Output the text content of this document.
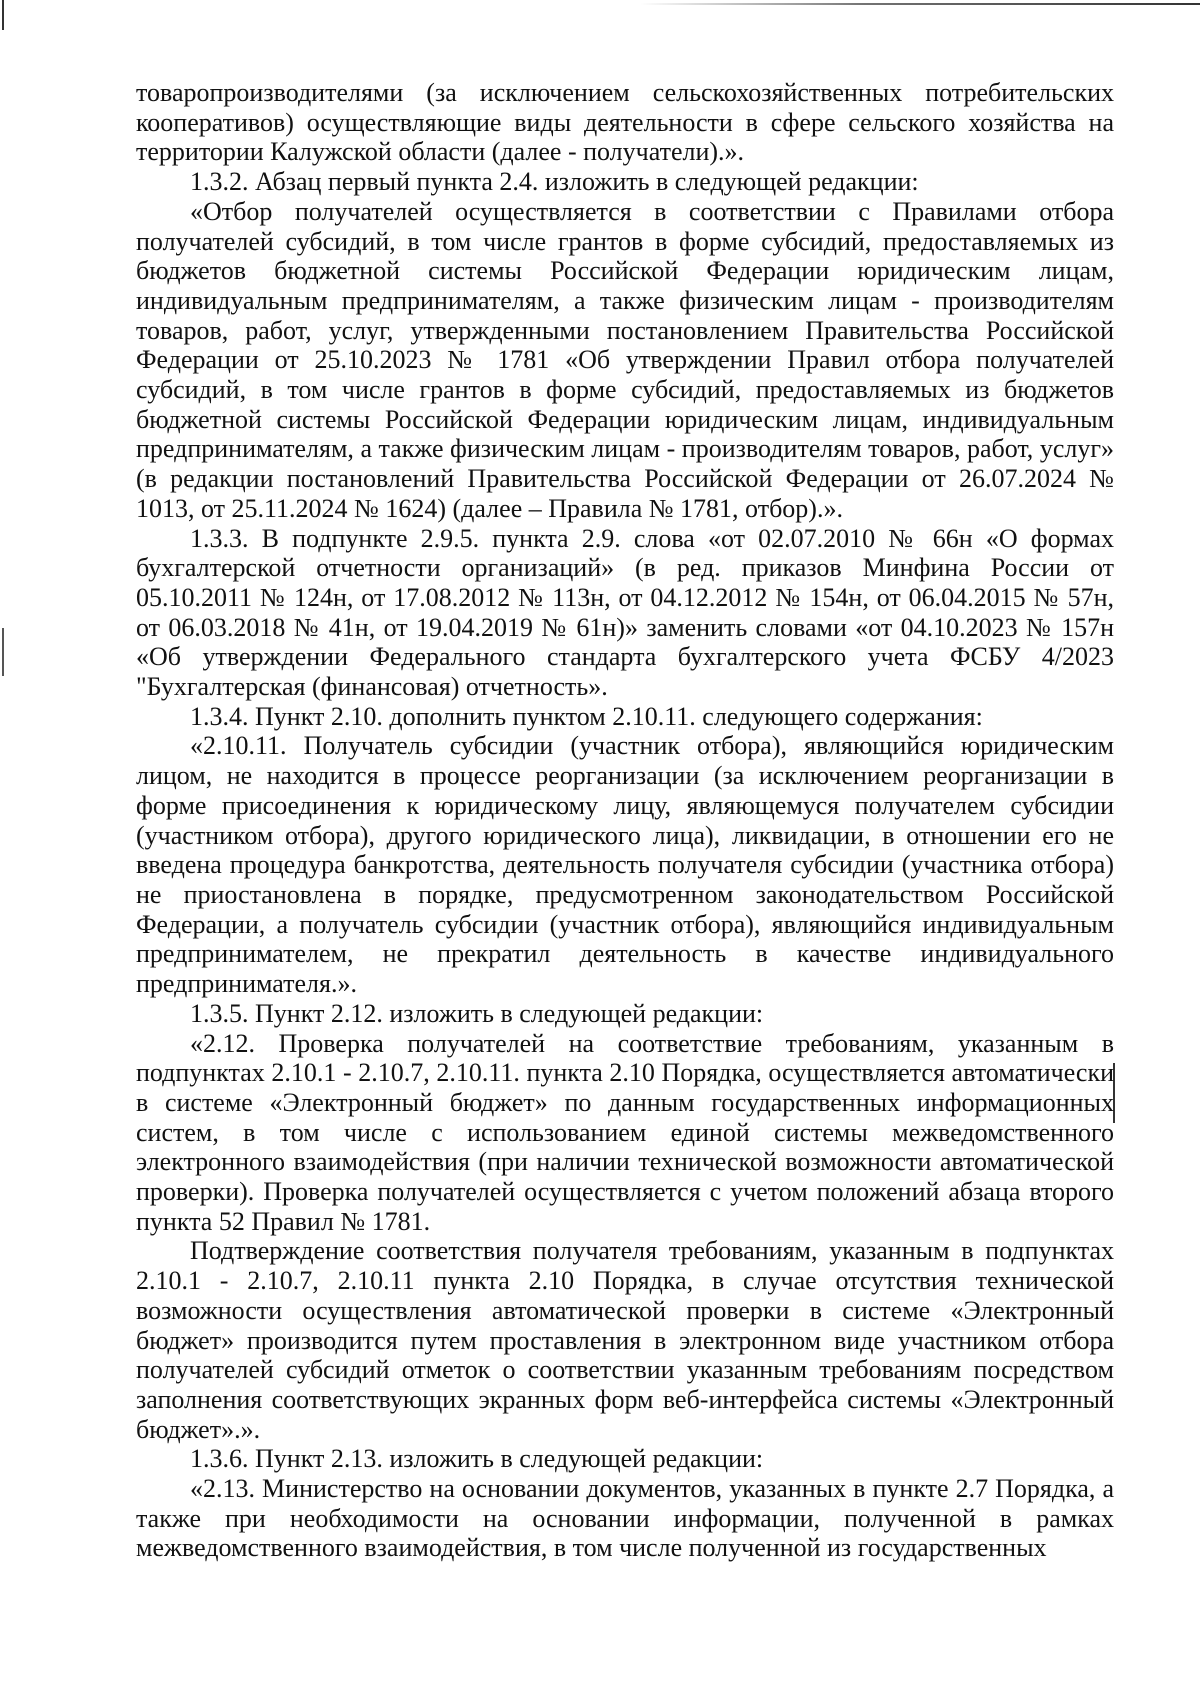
товаропроизводителями (за исключением сельскохозяйственных потребительских кооперативов) осуществляющие виды деятельности в сфере сельского хозяйства на территории Калужской области (далее - получатели).».

1.3.2. Абзац первый пункта 2.4. изложить в следующей редакции:

«Отбор получателей осуществляется в соответствии с Правилами отбора получателей субсидий, в том числе грантов в форме субсидий, предоставляемых из бюджетов бюджетной системы Российской Федерации юридическим лицам, индивидуальным предпринимателям, а также физическим лицам - производителям товаров, работ, услуг, утвержденными постановлением Правительства Российской Федерации от 25.10.2023 № 1781 «Об утверждении Правил отбора получателей субсидий, в том числе грантов в форме субсидий, предоставляемых из бюджетов бюджетной системы Российской Федерации юридическим лицам, индивидуальным предпринимателям, а также физическим лицам - производителям товаров, работ, услуг» (в редакции постановлений Правительства Российской Федерации от 26.07.2024 № 1013, от 25.11.2024 № 1624) (далее – Правила № 1781, отбор).».

1.3.3. В подпункте 2.9.5. пункта 2.9. слова «от 02.07.2010 № 66н «О формах бухгалтерской отчетности организаций» (в ред. приказов Минфина России от 05.10.2011 № 124н, от 17.08.2012 № 113н, от 04.12.2012 № 154н, от 06.04.2015 № 57н, от 06.03.2018 № 41н, от 19.04.2019 № 61н)» заменить словами «от 04.10.2023 № 157н «Об утверждении Федерального стандарта бухгалтерского учета ФСБУ 4/2023 "Бухгалтерская (финансовая) отчетность».

1.3.4. Пункт 2.10. дополнить пунктом 2.10.11. следующего содержания:

«2.10.11. Получатель субсидии (участник отбора), являющийся юридическим лицом, не находится в процессе реорганизации (за исключением реорганизации в форме присоединения к юридическому лицу, являющемуся получателем субсидии (участником отбора), другого юридического лица), ликвидации, в отношении его не введена процедура банкротства, деятельность получателя субсидии (участника отбора) не приостановлена в порядке, предусмотренном законодательством Российской Федерации, а получатель субсидии (участник отбора), являющийся индивидуальным предпринимателем, не прекратил деятельность в качестве индивидуального предпринимателя.».

1.3.5. Пункт 2.12. изложить в следующей редакции:

«2.12. Проверка получателей на соответствие требованиям, указанным в подпунктах 2.10.1 - 2.10.7, 2.10.11. пункта 2.10 Порядка, осуществляется автоматически в системе «Электронный бюджет» по данным государственных информационных систем, в том числе с использованием единой системы межведомственного электронного взаимодействия (при наличии технической возможности автоматической проверки). Проверка получателей осуществляется с учетом положений абзаца второго пункта 52 Правил № 1781.

Подтверждение соответствия получателя требованиям, указанным в подпунктах 2.10.1 - 2.10.7, 2.10.11 пункта 2.10 Порядка, в случае отсутствия технической возможности осуществления автоматической проверки в системе «Электронный бюджет» производится путем проставления в электронном виде участником отбора получателей субсидий отметок о соответствии указанным требованиям посредством заполнения соответствующих экранных форм веб-интерфейса системы «Электронный бюджет».».

1.3.6. Пункт 2.13. изложить в следующей редакции:

«2.13. Министерство на основании документов, указанных в пункте 2.7 Порядка, а также при необходимости на основании информации, полученной в рамках межведомственного взаимодействия, в том числе полученной из государственных
